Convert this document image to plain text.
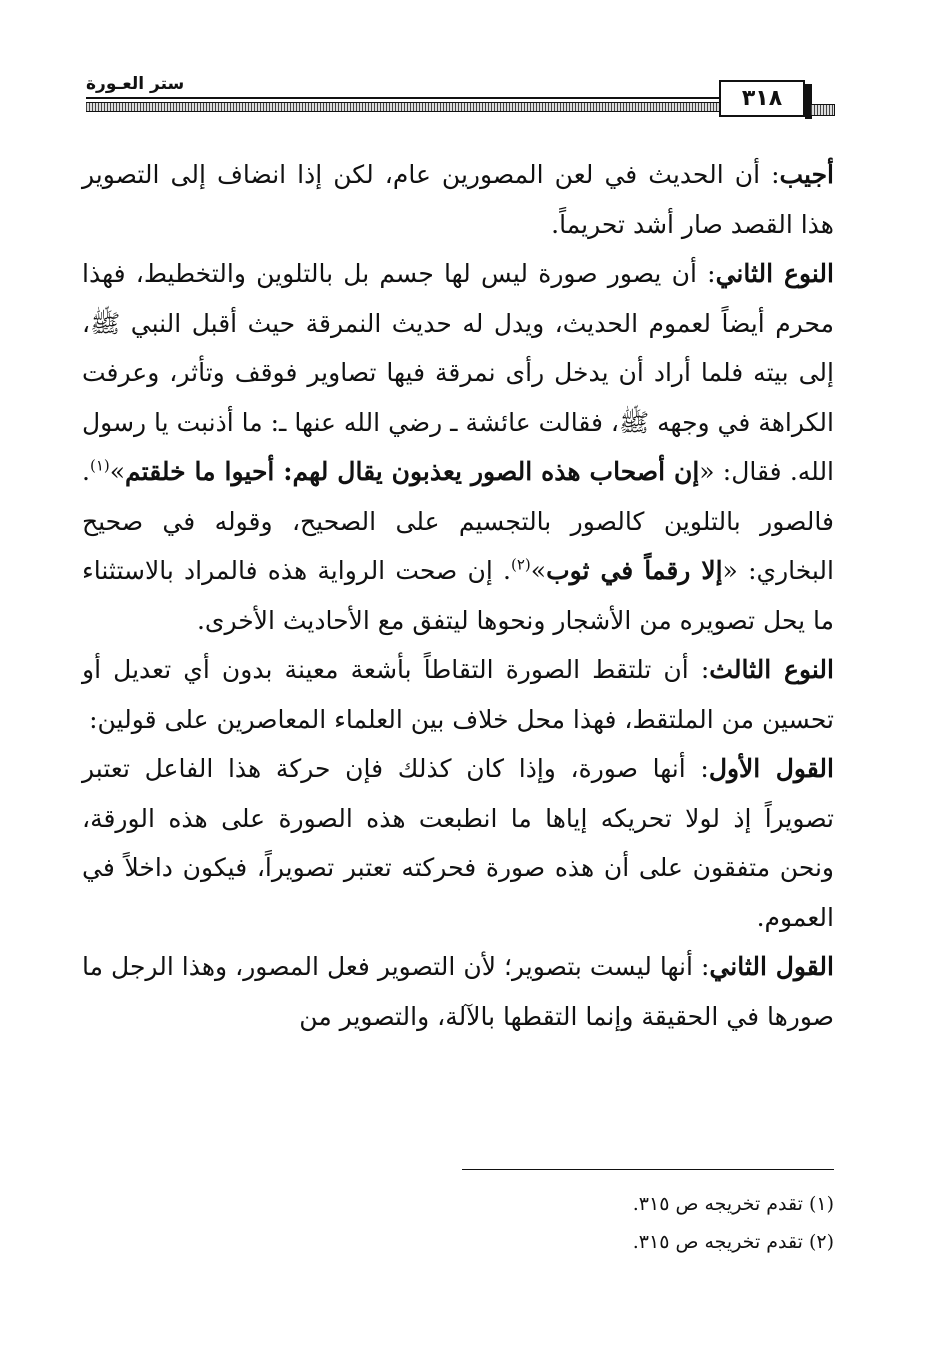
ستر العـورة
٣١٨

أجيب: أن الحديث في لعن المصورين عام، لكن إذا انضاف إلى التصوير هذا القصد صار أشد تحريماً.

النوع الثاني: أن يصور صورة ليس لها جسم بل بالتلوين والتخطيط، فهذا محرم أيضاً لعموم الحديث، ويدل له حديث النمرقة حيث أقبل النبي ﷺ، إلى بيته فلما أراد أن يدخل رأى نمرقة فيها تصاوير فوقف وتأثر، وعرفت الكراهة في وجهه ﷺ، فقالت عائشة ـ رضي الله عنها ـ: ما أذنبت يا رسول الله. فقال: «إن أصحاب هذه الصور يعذبون يقال لهم: أحيوا ما خلقتم»$^{(١)}$. فالصور بالتلوين كالصور بالتجسيم على الصحيح، وقوله في صحيح البخاري: «إلا رقماً في ثوب»$^{(٢)}$. إن صحت الرواية هذه فالمراد بالاستثناء ما يحل تصويره من الأشجار ونحوها ليتفق مع الأحاديث الأخرى.

النوع الثالث: أن تلتقط الصورة التقاطاً بأشعة معينة بدون أي تعديل أو تحسين من الملتقط، فهذا محل خلاف بين العلماء المعاصرين على قولين:

القول الأول: أنها صورة، وإذا كان كذلك فإن حركة هذا الفاعل تعتبر تصويراً إذ لولا تحريكه إياها ما انطبعت هذه الصورة على هذه الورقة، ونحن متفقون على أن هذه صورة فحركته تعتبر تصويراً، فيكون داخلاً في العموم.

القول الثاني: أنها ليست بتصوير؛ لأن التصوير فعل المصور، وهذا الرجل ما صورها في الحقيقة وإنما التقطها بالآلة، والتصوير من

(١) تقدم تخريجه ص ٣١٥.
(٢) تقدم تخريجه ص ٣١٥.
